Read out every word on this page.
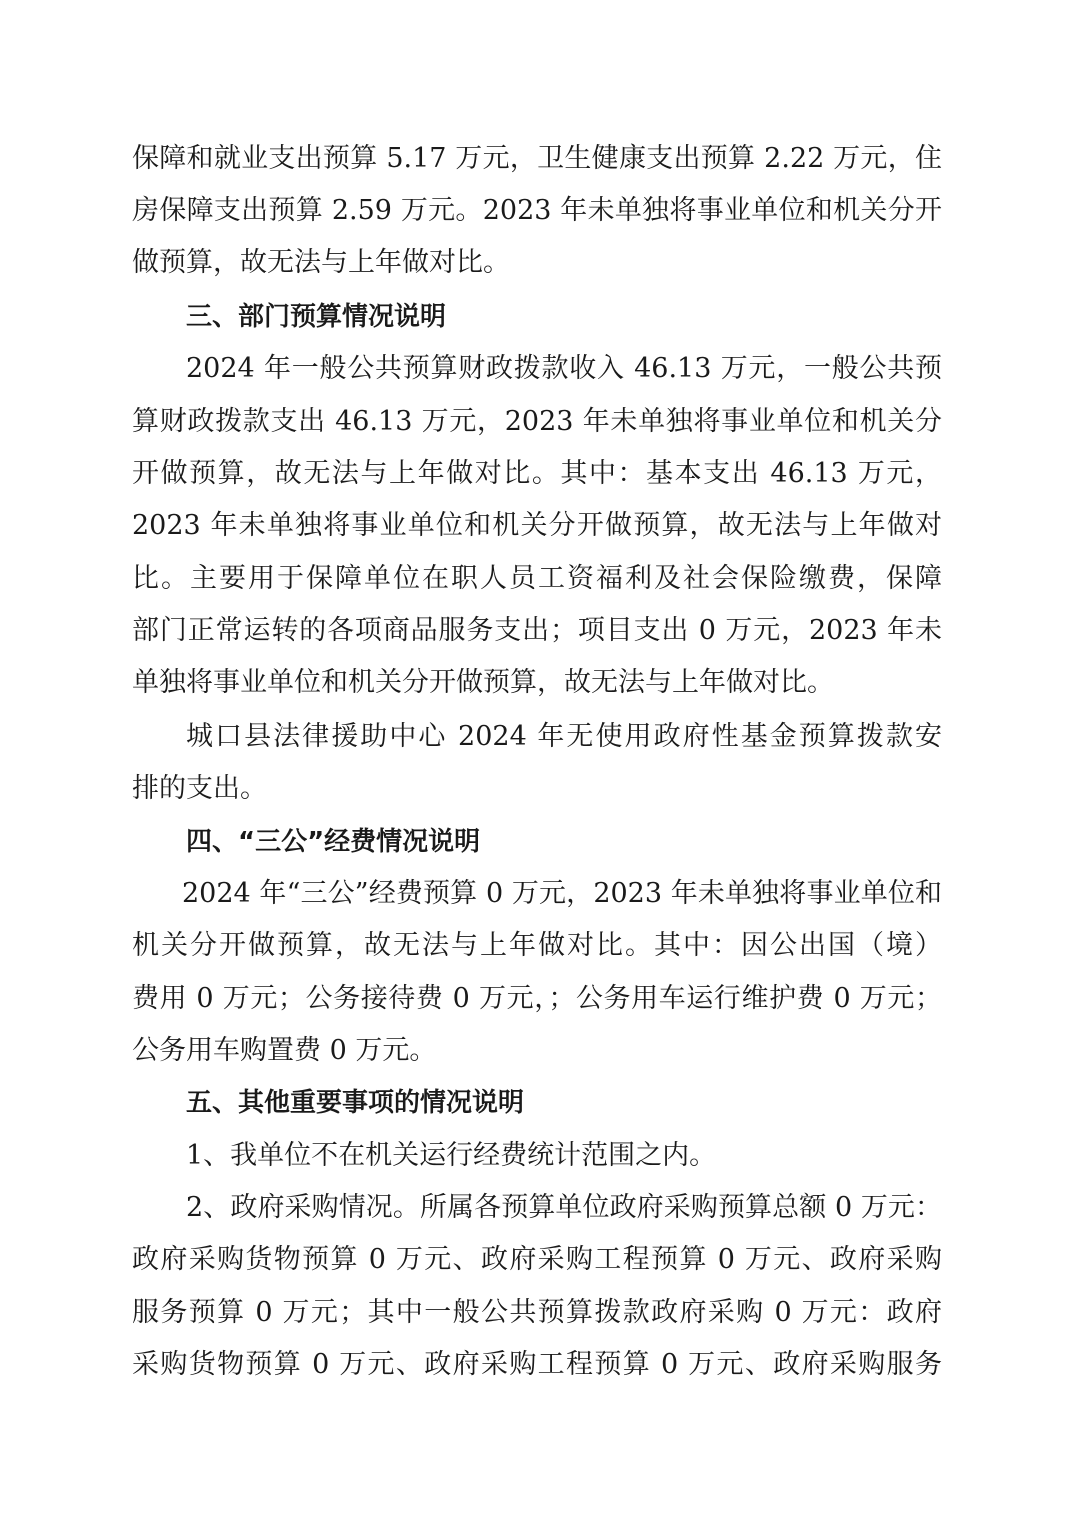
保障和就业支出预算 5.17 万元，卫生健康支出预算 2.22 万元，住
房保障支出预算 2.59 万元。2023 年未单独将事业单位和机关分开
做预算，故无法与上年做对比。
三、部门预算情况说明
2024 年一般公共预算财政拨款收入 46.13 万元，一般公共预
算财政拨款支出 46.13 万元，2023 年未单独将事业单位和机关分
开做预算，故无法与上年做对比。其中：基本支出 46.13 万元，
2023 年未单独将事业单位和机关分开做预算，故无法与上年做对
比。主要用于保障单位在职人员工资福利及社会保险缴费，保障
部门正常运转的各项商品服务支出；项目支出 0 万元，2023 年未
单独将事业单位和机关分开做预算，故无法与上年做对比。
城口县法律援助中心 2024 年无使用政府性基金预算拨款安
排的支出。
四、“三公”经费情况说明
2024 年“三公”经费预算 0 万元，2023 年未单独将事业单位和
机关分开做预算，故无法与上年做对比。其中：因公出国（境）
费用 0 万元；公务接待费 0 万元，；公务用车运行维护费 0 万元；
公务用车购置费 0 万元。
五、其他重要事项的情况说明
1、我单位不在机关运行经费统计范围之内。
2、政府采购情况。所属各预算单位政府采购预算总额 0 万元：
政府采购货物预算 0 万元、政府采购工程预算 0 万元、政府采购
服务预算 0 万元；其中一般公共预算拨款政府采购 0 万元：政府
采购货物预算 0 万元、政府采购工程预算 0 万元、政府采购服务
